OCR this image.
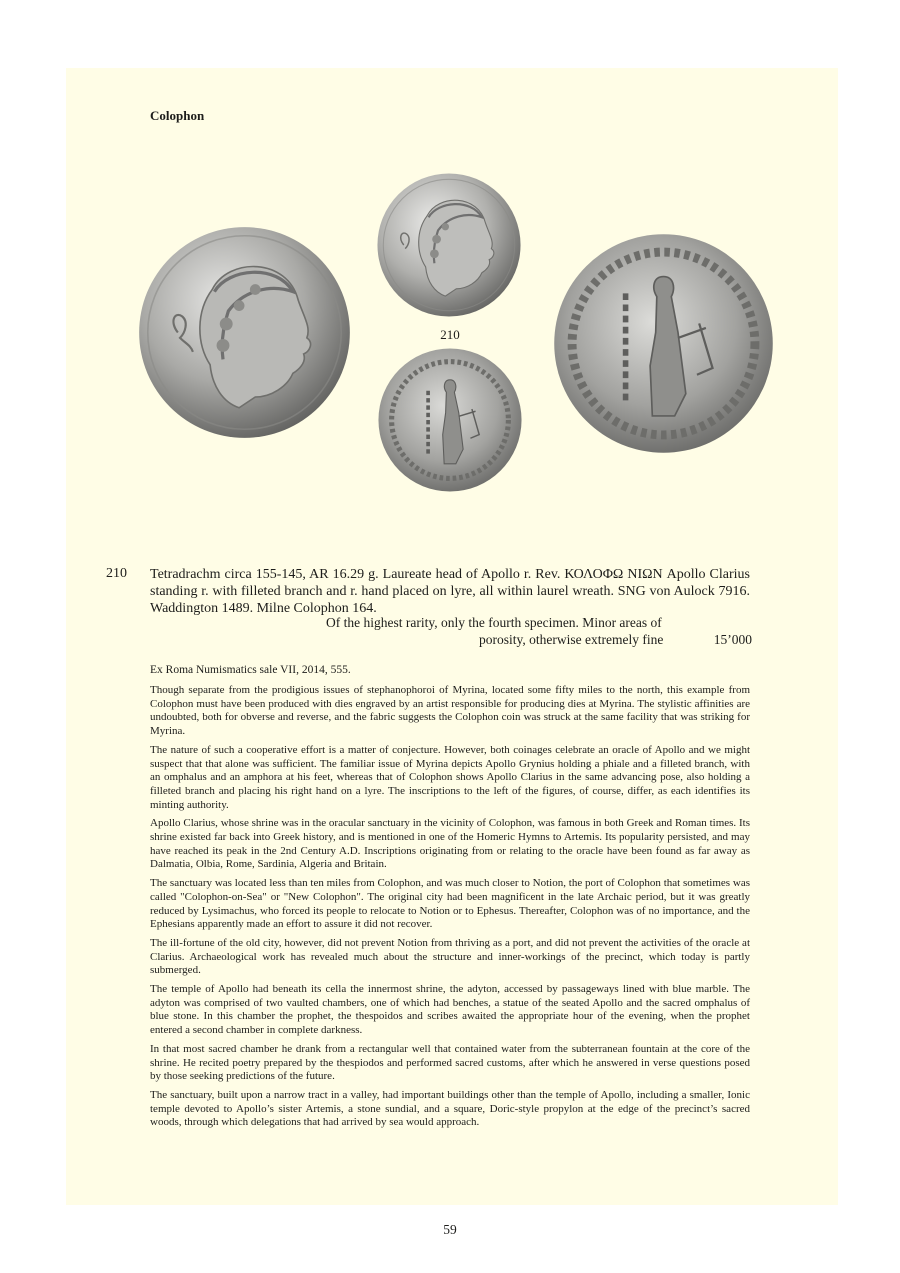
Colophon
210
210 Tetradrachm circa 155-145, AR 16.29 g. Laureate head of Apollo r. Rev. ΚΟΛΟΦΩ ΝΙΩΝ Apollo Clarius standing r. with filleted branch and r. hand placed on lyre, all within laurel wreath. SNG von Aulock 7916. Waddington 1489. Milne Colophon 164.
Of the highest rarity, only the fourth specimen. Minor areas of
porosity, otherwise extremely fine	15’000
Ex Roma Numismatics sale VII, 2014, 555.

Though separate from the prodigious issues of stephanophoroi of Myrina, located some fifty miles to the north, this example from Colophon must have been produced with dies engraved by an artist responsible for producing dies at Myrina. The stylistic affinities are undoubted, both for obverse and reverse, and the fabric suggests the Colophon coin was struck at the same facility that was striking for Myrina.

The nature of such a cooperative effort is a matter of conjecture. However, both coinages celebrate an oracle of Apollo and we might suspect that that alone was sufficient. The familiar issue of Myrina depicts Apollo Grynius holding a phiale and a filleted branch, with an omphalus and an amphora at his feet, whereas that of Colophon shows Apollo Clarius in the same advancing pose, also holding a filleted branch and placing his right hand on a lyre. The inscriptions to the left of the figures, of course, differ, as each identifies its minting authority.

Apollo Clarius, whose shrine was in the oracular sanctuary in the vicinity of Colophon, was famous in both Greek and Roman times. Its shrine existed far back into Greek history, and is mentioned in one of the Homeric Hymns to Artemis. Its popularity persisted, and may have reached its peak in the 2nd Century A.D. Inscriptions originating from or relating to the oracle have been found as far away as Dalmatia, Olbia, Rome, Sardinia, Algeria and Britain.

The sanctuary was located less than ten miles from Colophon, and was much closer to Notion, the port of Colophon that sometimes was called "Colophon-on-Sea" or "New Colophon". The original city had been magnificent in the late Archaic period, but it was greatly reduced by Lysimachus, who forced its people to relocate to Notion or to Ephesus. Thereafter, Colophon was of no importance, and the Ephesians apparently made an effort to assure it did not recover.

The ill-fortune of the old city, however, did not prevent Notion from thriving as a port, and did not prevent the activities of the oracle at Clarius. Archaeological work has revealed much about the structure and inner-workings of the precinct, which today is partly submerged.

The temple of Apollo had beneath its cella the innermost shrine, the adyton, accessed by passageways lined with blue marble. The adyton was comprised of two vaulted chambers, one of which had benches, a statue of the seated Apollo and the sacred omphalus of blue stone. In this chamber the prophet, the thespoidos and scribes awaited the appropriate hour of the evening, when the prophet entered a second chamber in complete darkness.

In that most sacred chamber he drank from a rectangular well that contained water from the subterranean fountain at the core of the shrine. He recited poetry prepared by the thespiodos and performed sacred customs, after which he answered in verse questions posed by those seeking predictions of the future.

The sanctuary, built upon a narrow tract in a valley, had important buildings other than the temple of Apollo, including a smaller, Ionic temple devoted to Apollo’s sister Artemis, a stone sundial, and a square, Doric-style propylon at the edge of the precinct’s sacred woods, through which delegations that had arrived by sea would approach.

59
